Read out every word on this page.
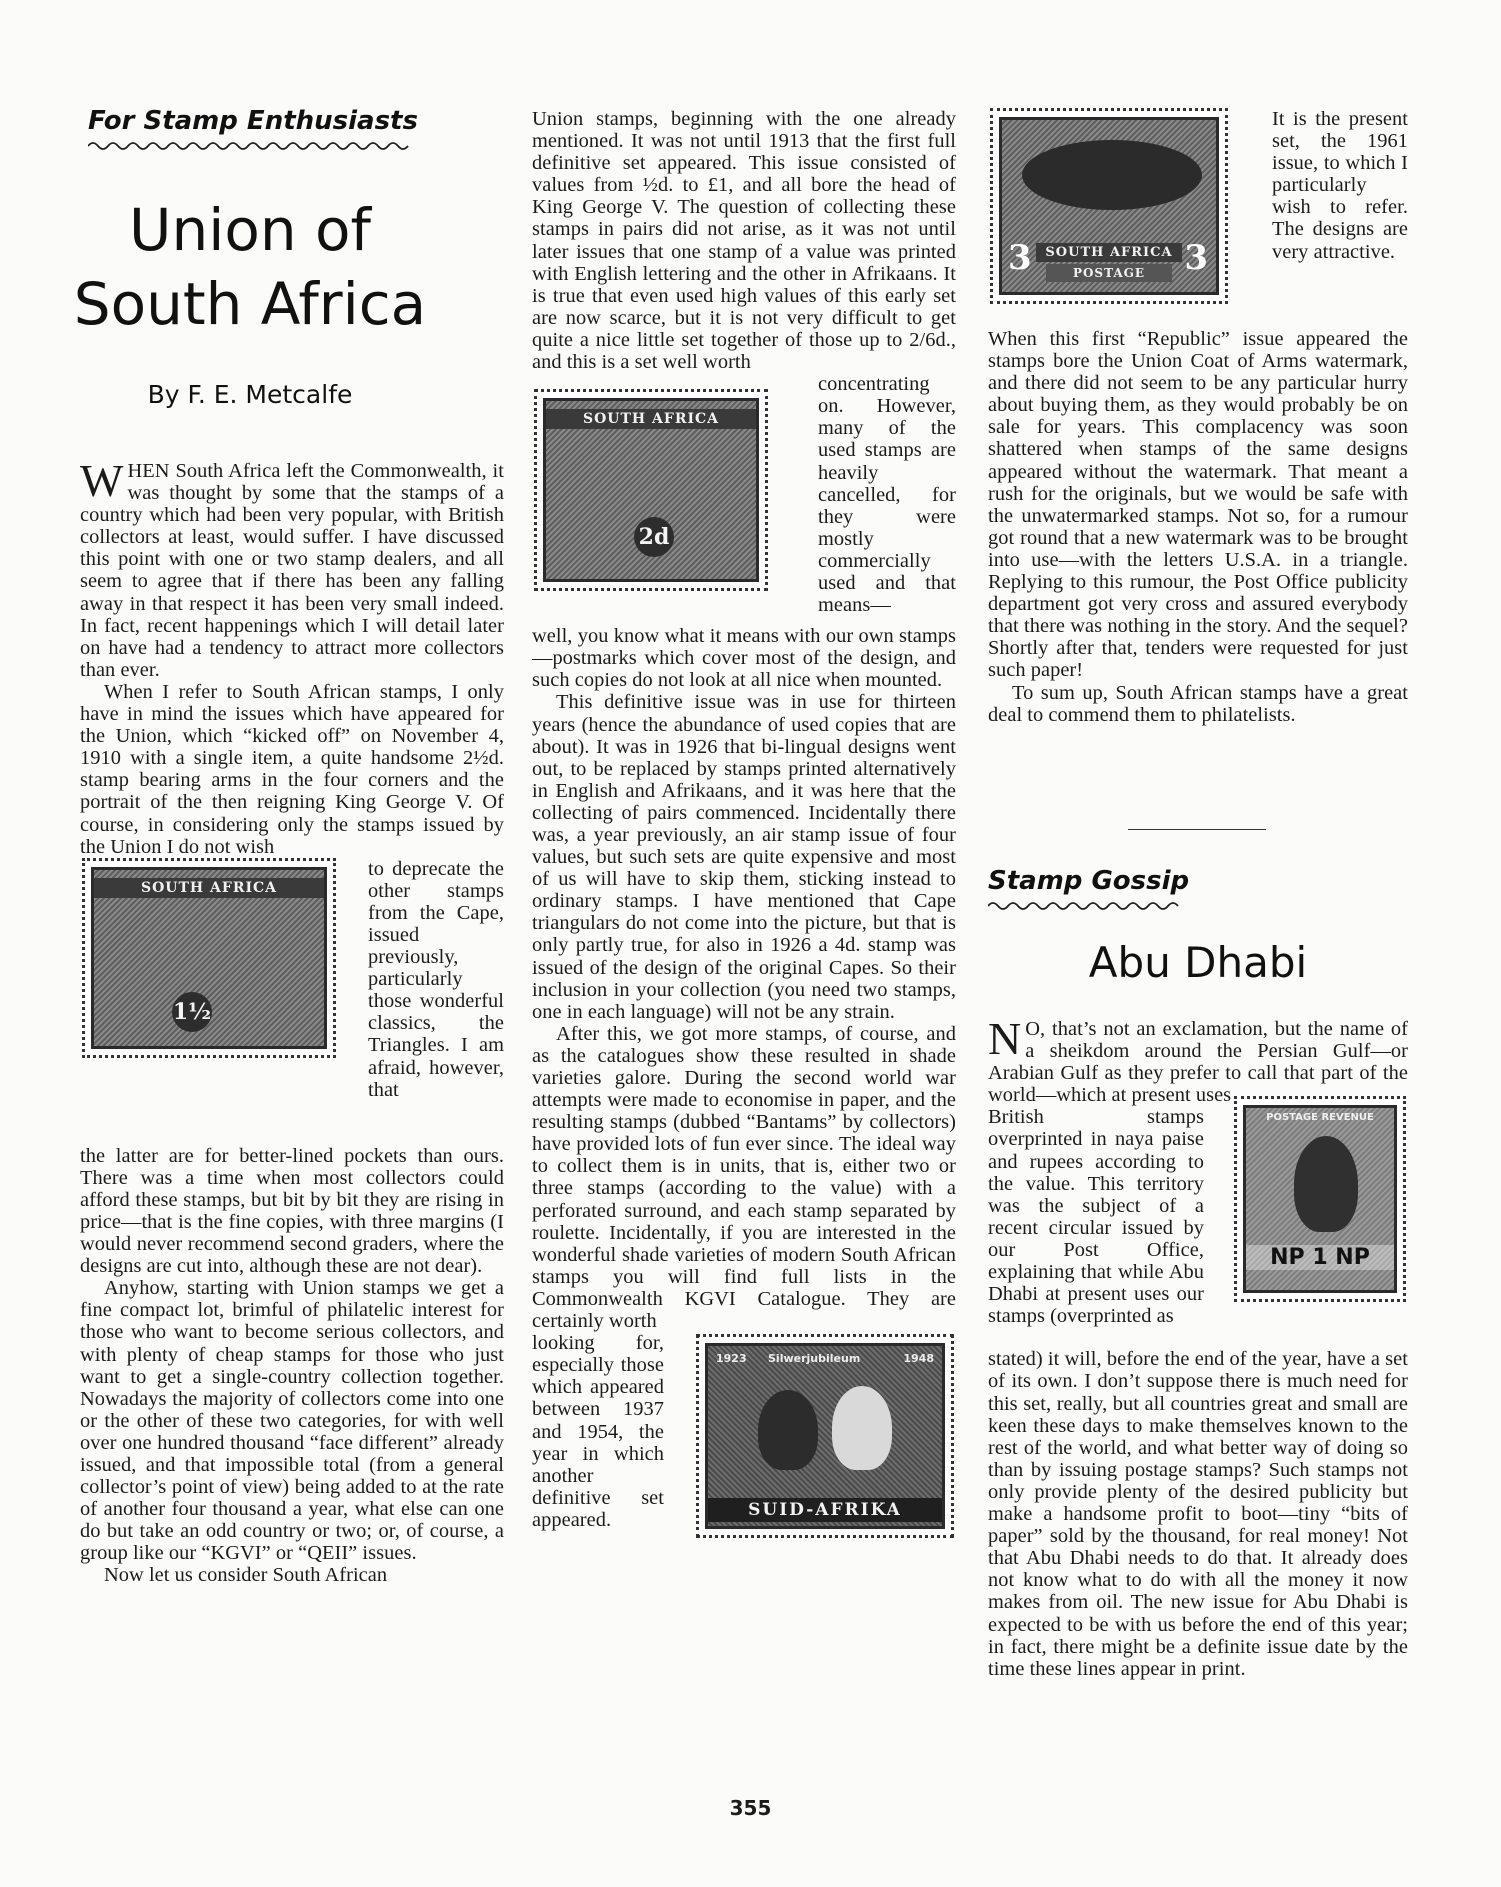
For Stamp Enthusiasts

Union of
South Africa

By F. E. Metcalfe

WHEN South Africa left the Commonwealth, it was thought by some that the stamps of a country which had been very popular, with British collectors at least, would suffer. I have discussed this point with one or two stamp dealers, and all seem to agree that if there has been any falling away in that respect it has been very small indeed. In fact, recent happenings which I will detail later on have had a tendency to attract more collectors than ever.

When I refer to South African stamps, I only have in mind the issues which have appeared for the Union, which “kicked off” on November 4, 1910 with a single item, a quite handsome 2½d. stamp bearing arms in the four corners and the portrait of the then reigning King George V. Of course, in considering only the stamps issued by the Union I do not wish

SOUTH AFRICA
1½

to deprecate the other stamps from the Cape, issued previously, particularly those wonderful classics, the Triangles. I am afraid, however, that

the latter are for better-lined pockets than ours. There was a time when most collectors could afford these stamps, but bit by bit they are rising in price—that is the fine copies, with three margins (I would never recommend second graders, where the designs are cut into, although these are not dear).

Anyhow, starting with Union stamps we get a fine compact lot, brimful of philatelic interest for those who want to become serious collectors, and with plenty of cheap stamps for those who just want to get a single-country collection together. Nowadays the majority of collectors come into one or the other of these two categories, for with well over one hundred thousand “face different” already issued, and that impossible total (from a general collector’s point of view) being added to at the rate of another four thousand a year, what else can one do but take an odd country or two; or, of course, a group like our “KGVI” or “QEII” issues.

Now let us consider South African

Union stamps, beginning with the one already mentioned. It was not until 1913 that the first full definitive set appeared. This issue consisted of values from ½d. to £1, and all bore the head of King George V. The question of collecting these stamps in pairs did not arise, as it was not until later issues that one stamp of a value was printed with English lettering and the other in Afrikaans. It is true that even used high values of this early set are now scarce, but it is not very difficult to get quite a nice little set together of those up to 2/6d., and this is a set well worth

SOUTH AFRICA
2d

concentrating on. However, many of the used stamps are heavily cancelled, for they were mostly commercially used and that means—

well, you know what it means with our own stamps—postmarks which cover most of the design, and such copies do not look at all nice when mounted.

This definitive issue was in use for thirteen years (hence the abundance of used copies that are about). It was in 1926 that bi-lingual designs went out, to be replaced by stamps printed alternatively in English and Afrikaans, and it was here that the collecting of pairs commenced. Incidentally there was, a year previously, an air stamp issue of four values, but such sets are quite expensive and most of us will have to skip them, sticking instead to ordinary stamps. I have mentioned that Cape triangulars do not come into the picture, but that is only partly true, for also in 1926 a 4d. stamp was issued of the design of the original Capes. So their inclusion in your collection (you need two stamps, one in each language) will not be any strain.

After this, we got more stamps, of course, and as the catalogues show these resulted in shade varieties galore. During the second world war attempts were made to economise in paper, and the resulting stamps (dubbed “Bantams” by collectors) have provided lots of fun ever since. The ideal way to collect them is in units, that is, either two or three stamps (according to the value) with a perforated surround, and each stamp separated by roulette. Incidentally, if you are interested in the wonderful shade varieties of modern South African stamps you will find full lists in the Commonwealth KGVI Catalogue. They are certainly worth

looking for, especially those which appeared between 1937 and 1954, the year in which another definitive set appeared.

1923 Silwerjubileum	1948
SUID-AFRIKA
SOUTH AFRICA
POSTAGE
3	3

It is the present set, the 1961 issue, to which I particularly wish to refer. The designs are very attractive.

When this first “Republic” issue appeared the stamps bore the Union Coat of Arms watermark, and there did not seem to be any particular hurry about buying them, as they would probably be on sale for years. This complacency was soon shattered when stamps of the same designs appeared without the watermark. That meant a rush for the originals, but we would be safe with the unwatermarked stamps. Not so, for a rumour got round that a new watermark was to be brought into use—with the letters U.S.A. in a triangle. Replying to this rumour, the Post Office publicity department got very cross and assured everybody that there was nothing in the story. And the sequel? Shortly after that, tenders were requested for just such paper!

To sum up, South African stamps have a great deal to commend them to philatelists.

Stamp Gossip

Abu Dhabi

N O, that’s not an exclamation, but the name of a sheikdom around the Persian Gulf—or Arabian Gulf as they prefer to call that part of the world—which at present uses

British stamps overprinted in naya paise and rupees according to the value. This territory was the subject of a recent circular issued by our Post Office, explaining that while Abu Dhabi at present uses our stamps (overprinted as

POSTAGE REVENUE
NP 1 NP

stated) it will, before the end of the year, have a set of its own. I don’t suppose there is much need for this set, really, but all countries great and small are keen these days to make themselves known to the rest of the world, and what better way of doing so than by issuing postage stamps? Such stamps not only provide plenty of the desired publicity but make a handsome profit to boot—tiny “bits of paper” sold by the thousand, for real money! Not that Abu Dhabi needs to do that. It already does not know what to do with all the money it now makes from oil. The new issue for Abu Dhabi is expected to be with us before the end of this year; in fact, there might be a definite issue date by the time these lines appear in print.

355
